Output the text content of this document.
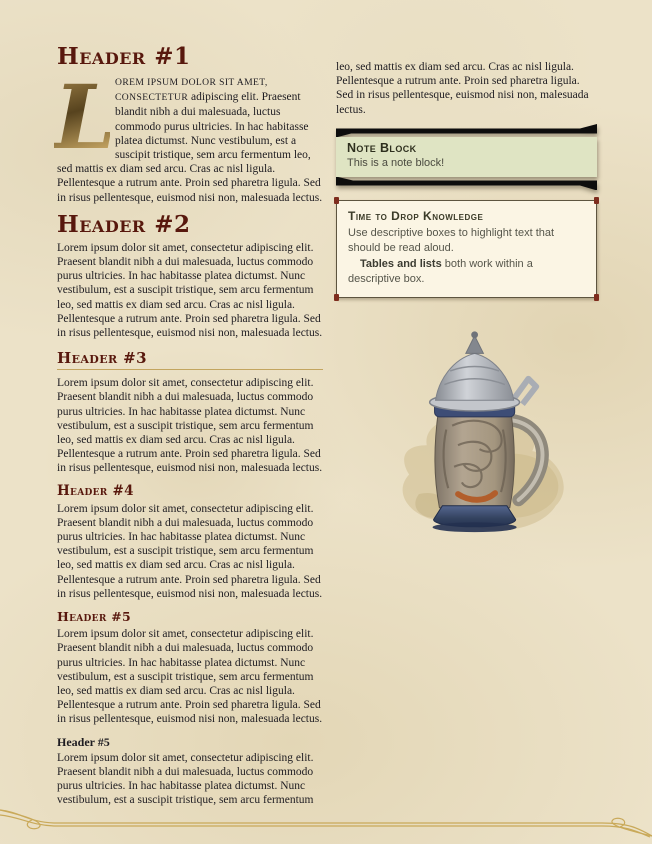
Header #1

L OREM IPSUM DOLOR SIT AMET, CONSECTETUR adipiscing elit. Praesent blandit nibh a dui malesuada, luctus commodo purus ultricies. In hac habitasse platea dictumst. Nunc vestibulum, est a suscipit tristique, sem arcu fermentum leo, sed mattis ex diam sed arcu. Cras ac nisl ligula. Pellentesque a rutrum ante. Proin sed pharetra ligula. Sed in risus pellentesque, euismod nisi non, malesuada lectus.

Header #2

Lorem ipsum dolor sit amet, consectetur adipiscing elit. Praesent blandit nibh a dui malesuada, luctus commodo purus ultricies. In hac habitasse platea dictumst. Nunc vestibulum, est a suscipit tristique, sem arcu fermentum leo, sed mattis ex diam sed arcu. Cras ac nisl ligula. Pellentesque a rutrum ante. Proin sed pharetra ligula. Sed in risus pellentesque, euismod nisi non, malesuada lectus.

Header #3

Lorem ipsum dolor sit amet, consectetur adipiscing elit. Praesent blandit nibh a dui malesuada, luctus commodo purus ultricies. In hac habitasse platea dictumst. Nunc vestibulum, est a suscipit tristique, sem arcu fermentum leo, sed mattis ex diam sed arcu. Cras ac nisl ligula. Pellentesque a rutrum ante. Proin sed pharetra ligula. Sed in risus pellentesque, euismod nisi non, malesuada lectus.

Header #4

Lorem ipsum dolor sit amet, consectetur adipiscing elit. Praesent blandit nibh a dui malesuada, luctus commodo purus ultricies. In hac habitasse platea dictumst. Nunc vestibulum, est a suscipit tristique, sem arcu fermentum leo, sed mattis ex diam sed arcu. Cras ac nisl ligula. Pellentesque a rutrum ante. Proin sed pharetra ligula. Sed in risus pellentesque, euismod nisi non, malesuada lectus.

Header #5

Lorem ipsum dolor sit amet, consectetur adipiscing elit. Praesent blandit nibh a dui malesuada, luctus commodo purus ultricies. In hac habitasse platea dictumst. Nunc vestibulum, est a suscipit tristique, sem arcu fermentum leo, sed mattis ex diam sed arcu. Cras ac nisl ligula. Pellentesque a rutrum ante. Proin sed pharetra ligula. Sed in risus pellentesque, euismod nisi non, malesuada lectus.

Header #5

Lorem ipsum dolor sit amet, consectetur adipiscing elit. Praesent blandit nibh a dui malesuada, luctus commodo purus ultricies. In hac habitasse platea dictumst. Nunc vestibulum, est a suscipit tristique, sem arcu fermentum

leo, sed mattis ex diam sed arcu. Cras ac nisl ligula. Pellentesque a rutrum ante. Proin sed pharetra ligula. Sed in risus pellentesque, euismod nisi non, malesuada lectus.

Note Block
This is a note block!
Time to Drop Knowledge

Use descriptive boxes to highlight text that should be read aloud.

Tables and lists both work within a descriptive box.
